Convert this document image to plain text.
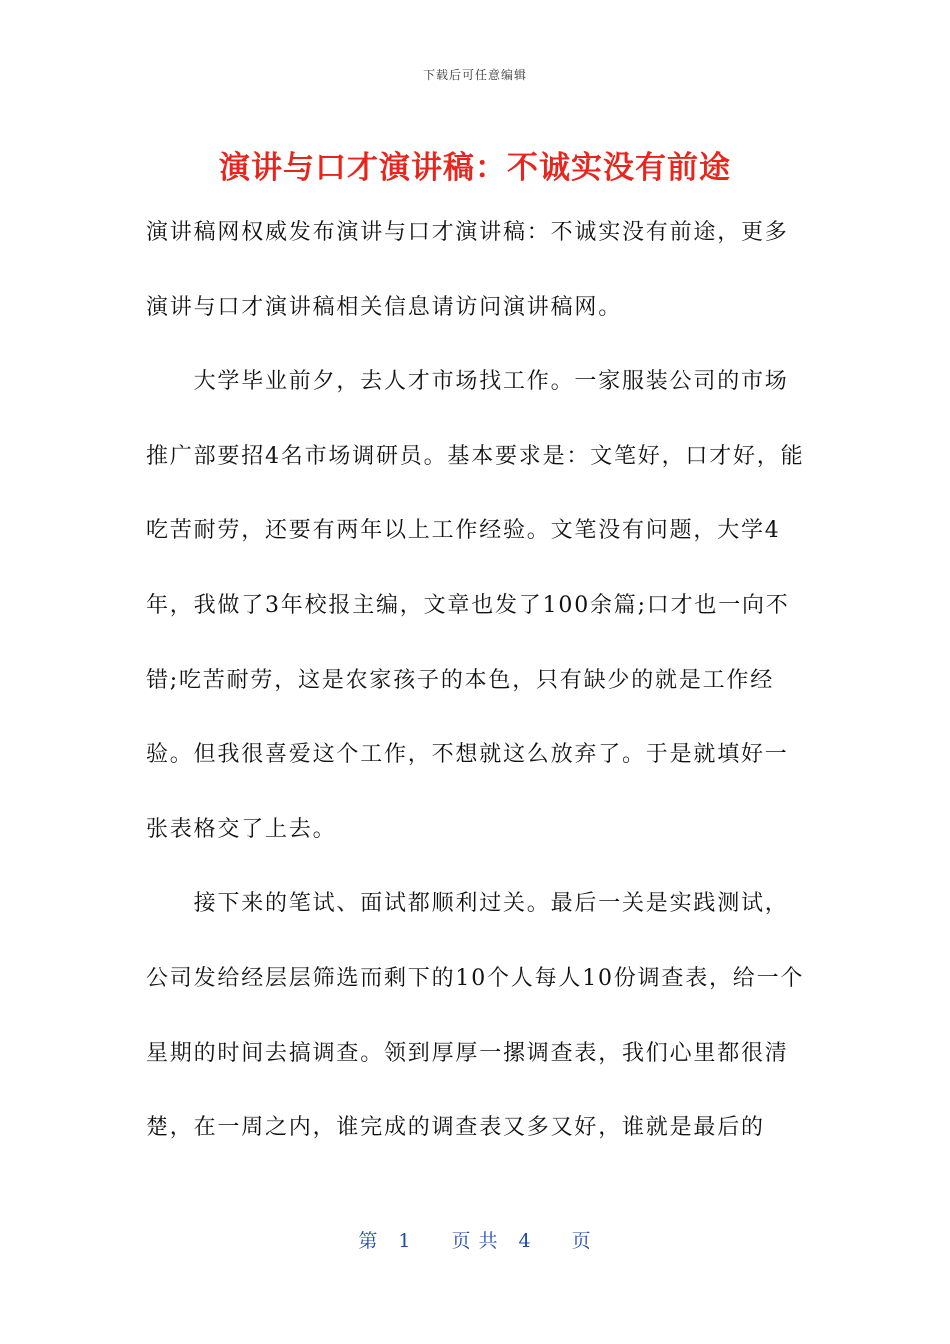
下载后可任意编辑
演讲与口才演讲稿：不诚实没有前途

演讲稿网权威发布演讲与口才演讲稿：不诚实没有前途，更多演讲与口才演讲稿相关信息请访问演讲稿网。

　　大学毕业前夕，去人才市场找工作。一家服装公司的市场推广部要招4名市场调研员。基本要求是：文笔好，口才好，能吃苦耐劳，还要有两年以上工作经验。文笔没有问题，大学4年，我做了3年校报主编，文章也发了100余篇;口才也一向不错;吃苦耐劳，这是农家孩子的本色，只有缺少的就是工作经验。但我很喜爱这个工作，不想就这么放弃了。于是就填好一张表格交了上去。

　　接下来的笔试、面试都顺利过关。最后一关是实践测试，公司发给经层层筛选而剩下的10个人每人10份调查表，给一个星期的时间去搞调查。领到厚厚一摞调查表，我们心里都很清楚，在一周之内，谁完成的调查表又多又好，谁就是最后的

第　1　　页 共　4　　页
